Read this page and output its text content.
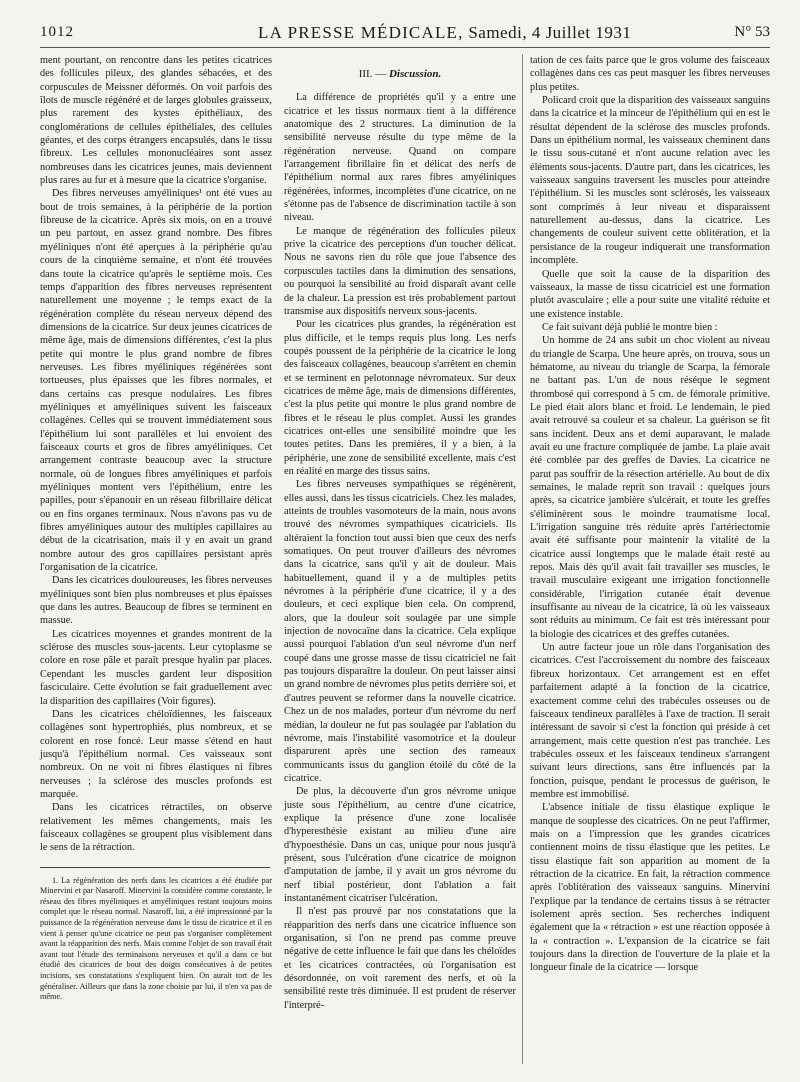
1012	LA PRESSE MÉDICALE, Samedi, 4 Juillet 1931	N° 53

ment pourtant, on rencontre dans les petites cicatrices des follicules pileux, des glandes sébacées, et des corpuscules de Meissner déformés. On voit parfois des îlots de muscle régénéré et de larges globules graisseux, plus rarement des kystes épithéliaux, des conglomérations de cellules épithéliales, des cellules géantes, et des corps étrangers encapsulés, dans le tissu fibreux. Les cellules mononucléaires sont assez nombreuses dans les cicatrices jeunes, mais deviennent plus rares au fur et à mesure que la cicatrice s'organise.

Des fibres nerveuses amyéliniques¹ ont été vues au bout de trois semaines, à la périphérie de la portion fibreuse de la cicatrice. Après six mois, on en a trouvé un peu partout, en assez grand nombre. Des fibres myéliniques n'ont été aperçues à la périphérie qu'au cours de la cinquième semaine, et n'ont été trouvées dans toute la cicatrice qu'après le septième mois. Ces temps d'apparition des fibres nerveuses représentent naturellement une moyenne ; le temps exact de la régénération complète du réseau nerveux dépend des dimensions de la cicatrice. Sur deux jeunes cicatrices de même âge, mais de dimensions différentes, c'est la plus petite qui montre le plus grand nombre de fibres nerveuses. Les fibres myéliniques régénérées sont tortueuses, plus épaisses que les fibres normales, et dans certains cas presque nodulaires. Les fibres myéliniques et amyéliniques suivent les faisceaux collagènes. Celles qui se trouvent immédiatement sous l'épithélium lui sont parallèles et lui envoient des faisceaux courts et gros de fibres amyéliniques. Cet arrangement contraste beaucoup avec la structure normale, où de longues fibres amyéliniques et parfois myéliniques montent vers l'épithélium, entre les papilles, pour s'épanouir en un réseau filbrillaire délicat ou en fins organes terminaux. Nous n'avons pas vu de fibres amyéliniques autour des multiples capillaires au début de la cicatrisation, mais il y en avait un grand nombre autour des gros capillaires persistant après l'organisation de la cicatrice.

Dans les cicatrices douloureuses, les fibres nerveuses myéliniques sont bien plus nombreuses et plus épaisses que dans les autres. Beaucoup de fibres se terminent en massue.

Les cicatrices moyennes et grandes montrent de la sclérose des muscles sous-jacents. Leur cytoplasme se colore en rose pâle et paraît presque hyalin par places. Cependant les muscles gardent leur disposition fasciculaire. Cette évolution se fait graduellement avec la disparition des capillaires (Voir figures).

Dans les cicatrices chéloïdiennes, les faisceaux collagènes sont hypertrophiés, plus nombreux, et se colorent en rose foncé. Leur masse s'étend en haut jusqu'à l'épithélium normal. Ces vaisseaux sont nombreux. On ne voit ni fibres élastiques ni fibres nerveuses ; la sclérose des muscles profonds est marquée.

Dans les cicatrices rétractiles, on observe relativement les mêmes changements, mais les faisceaux collagènes se groupent plus visiblement dans le sens de la rétraction.

1. La régénération des nerfs dans les cicatrices a été étudiée par Minervini et par Nasaroff. Minervini la considère comme constante, le réseau des fibres myéliniques et amyéliniques restant toujours moins complet que le réseau normal. Nasaroff, lui, a été impressionné par la puissance de la régénération nerveuse dans le tissu de cicatrice et il en vient à penser qu'une cicatrice ne peut pas s'organiser complètement avant la réapparition des nerfs. Mais comme l'objet de son travail était avant tout l'étude des terminaisons nerveuses et qu'il a dans ce but étudié des cicatrices de bout des doigts consécutives à de petites incisions, ses constatations s'expliquent bien. On aurait tort de les généraliser. Ailleurs que dans la zone choisie par lui, il n'en va pas de même.

III. — Discussion.

La différence de propriétés qu'il y a entre une cicatrice et les tissus normaux tient à la différence anatomique des 2 structures. La diminution de la sensibilité nerveuse résulte du type même de la régénération nerveuse. Quand on compare l'arrangement fibrillaire fin et délicat des nerfs de l'épithélium normal aux rares fibres amyéliniques régénérées, informes, incomplètes d'une cicatrice, on ne s'étonne pas de l'absence de discrimination tactile à son niveau.

Le manque de régénération des follicules pileux prive la cicatrice des perceptions d'un toucher délicat. Nous ne savons rien du rôle que joue l'absence des corpuscules tactiles dans la diminution des sensations, ou pourquoi la sensibilité au froid disparaît avant celle de la chaleur. La pression est très probablement partout transmise aux dispositifs nerveux sous-jacents.

Pour les cicatrices plus grandes, la régénération est plus difficile, et le temps requis plus long. Les nerfs coupés poussent de la périphérie de la cicatrice le long des faisceaux collagènes, beaucoup s'arrêtent en chemin et se terminent en pelotonnage névromateux. Sur deux cicatrices de même âge, mais de dimensions différentes, c'est la plus petite qui montre le plus grand nombre de fibres et le réseau le plus complet. Aussi les grandes cicatrices ont-elles une sensibilité moindre que les toutes petites. Dans les premières, il y a bien, à la périphérie, une zone de sensibilité excellente, mais c'est en réalité en marge des tissus sains.

Les fibres nerveuses sympathiques se régénèrent, elles aussi, dans les tissus cicatriciels. Chez les malades, atteints de troubles vasomoteurs de la main, nous avons trouvé des névromes sympathiques cicatriciels. Ils altéraient la fonction tout aussi bien que ceux des nerfs somatiques. On peut trouver d'ailleurs des névromes dans la cicatrice, sans qu'il y ait de douleur. Mais habituellement, quand il y a de multiples petits névromes à la périphérie d'une cicatrice, il y a des douleurs, et ceci explique bien cela. On comprend, alors, que la douleur soit soulagée par une simple injection de novocaïne dans la cicatrice. Cela explique aussi pourquoi l'ablation d'un seul névrome d'un nerf coupé dans une grosse masse de tissu cicatriciel ne fait pas toujours disparaître la douleur. On peut laisser ainsi un grand nombre de névromes plus petits derrière soi, et d'autres peuvent se reformer dans la nouvelle cicatrice. Chez un de nos malades, porteur d'un névrome du nerf médian, la douleur ne fut pas soulagée par l'ablation du névrome, mais l'instabilité vasomotrice et la douleur disparurent après une section des rameaux communicants issus du ganglion étoilé du côté de la cicatrice.

De plus, la découverte d'un gros névrome unique juste sous l'épithélium, au centre d'une cicatrice, explique la présence d'une zone localisée d'hyperesthésie existant au milieu d'une aire d'hypoesthésie. Dans un cas, unique pour nous jusqu'à présent, sous l'ulcération d'une cicatrice de moignon d'amputation de jambe, il y avait un gros névrome du nerf tibial postérieur, dont l'ablation a fait instantanément cicatriser l'ulcération.

Il n'est pas prouvé par nos constatations que la réapparition des nerfs dans une cicatrice influence son organisation, si l'on ne prend pas comme preuve négative de cette influence le fait que dans les chéloïdes et les cicatrices contractées, où l'organisation est désordonnée, on voit rarement des nerfs, et où la sensibilité reste très diminuée. Il est prudent de réserver l'interpré-

tation de ces faits parce que le gros volume des faisceaux collagènes dans ces cas peut masquer les fibres nerveuses plus petites.

Policard croit que la disparition des vaisseaux sanguins dans la cicatrice et la minceur de l'épithélium qui en est le résultat dépendent de la sclérose des muscles profonds. Dans un épithélium normal, les vaisseaux cheminent dans le tissu sous-cutané et n'ont aucune relation avec les éléments sous-jacents. D'autre part, dans les cicatrices, les vaisseaux sanguins traversent les muscles pour atteindre l'épithélium. Si les muscles sont sclérosés, les vaisseaux sont comprimés à leur niveau et disparaissent naturellement au-dessus, dans la cicatrice. Les changements de couleur suivent cette oblitération, et la persistance de la rougeur indiquerait une transformation incomplète.

Quelle que soit la cause de la disparition des vaisseaux, la masse de tissu cicatriciel est une formation plutôt avasculaire ; elle a pour suite une vitalité réduite et une existence instable.

Ce fait suivant déjà publié le montre bien :

Un homme de 24 ans subit un choc violent au niveau du triangle de Scarpa. Une heure après, on trouva, sous un hématome, au niveau du triangle de Scarpa, la fémorale ne battant pas. L'un de nous réséque le segment thrombosé qui correspond à 5 cm. de fémorale primitive. Le pied était alors blanc et froid. Le lendemain, le pied avait retrouvé sa couleur et sa chaleur. La guérison se fit sans incident. Deux ans et demi auparavant, le malade avait eu une fracture compliquée de jambe. La plaie avait été comblée par des greffes de Davies. La cicatrice ne parut pas souffrir de la résection artérielle. Au bout de dix semaines, le malade reprit son travail : quelques jours après, sa cicatrice jambière s'ulcérait, et toute les greffes s'éliminèrent sous le moindre traumatisme local. L'irrigation sanguine très réduite après l'artériectomie avait été suffisante pour maintenir la vitalité de la cicatrice aussi longtemps que le malade était resté au repos. Mais dès qu'il avait fait travailler ses muscles, le travail musculaire exigeant une irrigation fonctionnelle considérable, l'irrigation cutanée était devenue insuffisante au niveau de la cicatrice, là où les vaisseaux sont réduits au minimum. Ce fait est très intéressant pour la biologie des cicatrices et des greffes cutanées.

Un autre facteur joue un rôle dans l'organisation des cicatrices. C'est l'accroissement du nombre des faisceaux fibreux horizontaux. Cet arrangement est en effet parfaitement adapté à la fonction de la cicatrice, exactement comme celui des trabécules osseuses ou de faisceaux tendineux parallèles à l'axe de traction. Il serait intéressant de savoir si c'est la fonction qui préside à cet arrangement, mais cette question n'est pas tranchée. Les trabécules osseux et les faisceaux tendineux s'arrangent suivant leurs directions, sans être influencés par la fonction, puisque, pendant le processus de guérison, le membre est immobilisé.

L'absence initiale de tissu élastique explique le manque de souplesse des cicatrices. On ne peut l'affirmer, mais on a l'impression que les grandes cicatrices contiennent moins de tissu élastique que les petites. Le tissu élastique fait son apparition au moment de la rétraction de la cicatrice. En fait, la rétraction commence après l'oblitération des vaisseaux sanguins. Minervini l'explique par la tendance de certains tissus à se rétracter isolement après section. Ses recherches indiquent également que la « rétraction » est une réaction opposée à la « contraction ». L'expansion de la cicatrice se fait toujours dans la direction de l'ouverture de la plaie et la longueur finale de la cicatrice — lorsque
